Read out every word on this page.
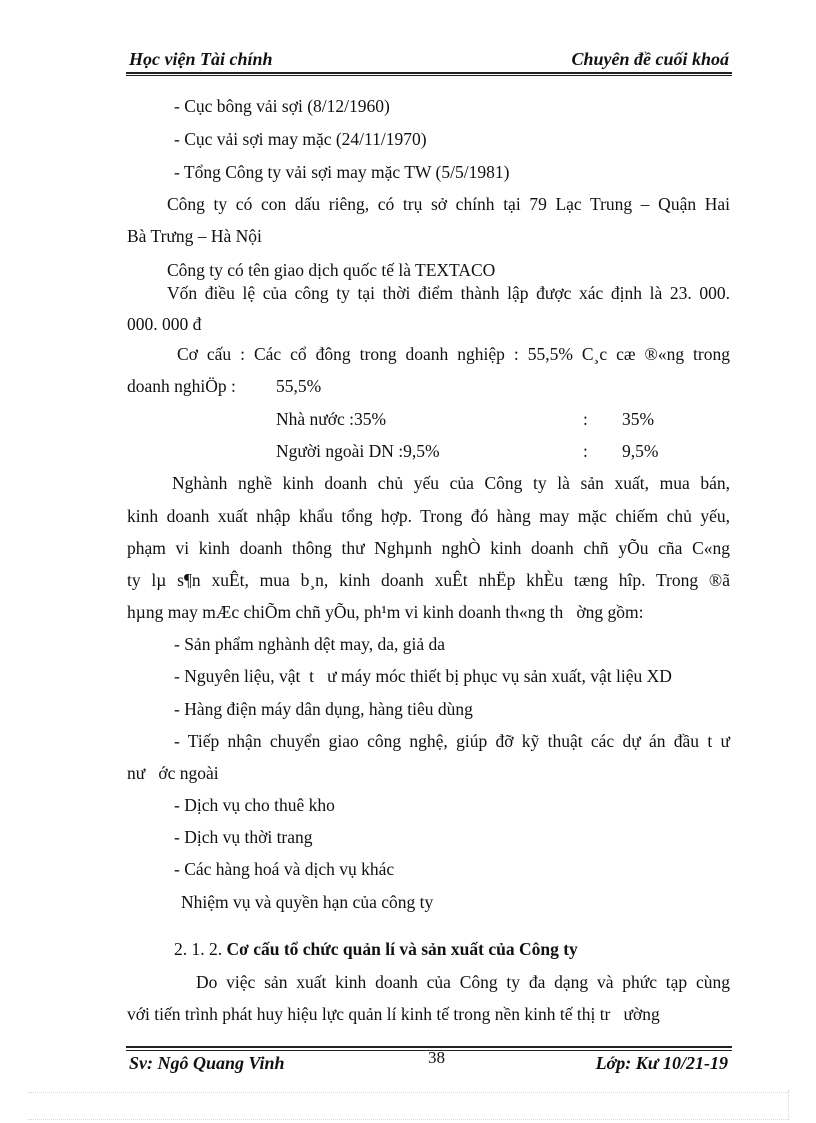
Học viện Tài chính	Chuyên đề cuối khoá
- Cục bông vải sợi (8/12/1960)
- Cục vải sợi may mặc (24/11/1970)
- Tổng Công ty vải sợi may mặc TW (5/5/1981)
Công ty có con dấu riêng, có trụ sở chính tại 79 Lạc Trung – Quận Hai
Bà Trưng – Hà Nội
Công ty có tên giao dịch quốc tế là TEXTACO
Vốn điều lệ của công ty tại thời điểm thành lập được xác định là 23. 000.
000. 000 đ
Cơ cấu : Các cổ đông trong doanh nghiệp : 55,5% C¸c cæ ®«ng trong
doanh nghiÖp : 55,5%
Nhà nước :35%	: 35%
Người ngoài DN :9,5%	: 9,5%
Nghành nghề kinh doanh chủ yếu của Công ty là sản xuất, mua bán,
kinh doanh xuất nhập khẩu tổng hợp. Trong đó hàng may mặc chiếm chủ yếu,
phạm vi kinh doanh thông thư Nghµnh nghÒ kinh doanh chñ yÕu cña C«ng
ty lµ s¶n xuÊt, mua b¸n, kinh doanh xuÊt nhËp khÈu tæng hîp. Trong ®ã
hµng may mÆc chiÕm chñ yÕu, ph¹m vi kinh doanh th«ng th   ờng gồm:
- Sản phẩm nghành dệt may, da, giả da
- Nguyên liệu, vật  t   ư máy móc thiết bị phục vụ sản xuất, vật liệu XD
- Hàng điện máy dân dụng, hàng tiêu dùng
- Tiếp nhận chuyển giao công nghệ, giúp đỡ kỹ thuật các dự án đầu t ư
nư   ớc ngoài
- Dịch vụ cho thuê kho
- Dịch vụ thời trang
- Các hàng hoá và dịch vụ khác
Nhiệm vụ và quyền hạn của công ty
2. 1. 2. Cơ cấu tổ chức quản lí và sản xuất của Công ty
Do việc sản xuất kinh doanh của Công ty đa dạng và phức tạp cùng
với tiến trình phát huy hiệu lực quản lí kinh tế trong nền kinh tế thị tr   ường
Sv: Ngô Quang Vinh	38	Lớp: Kư 10/21-19
